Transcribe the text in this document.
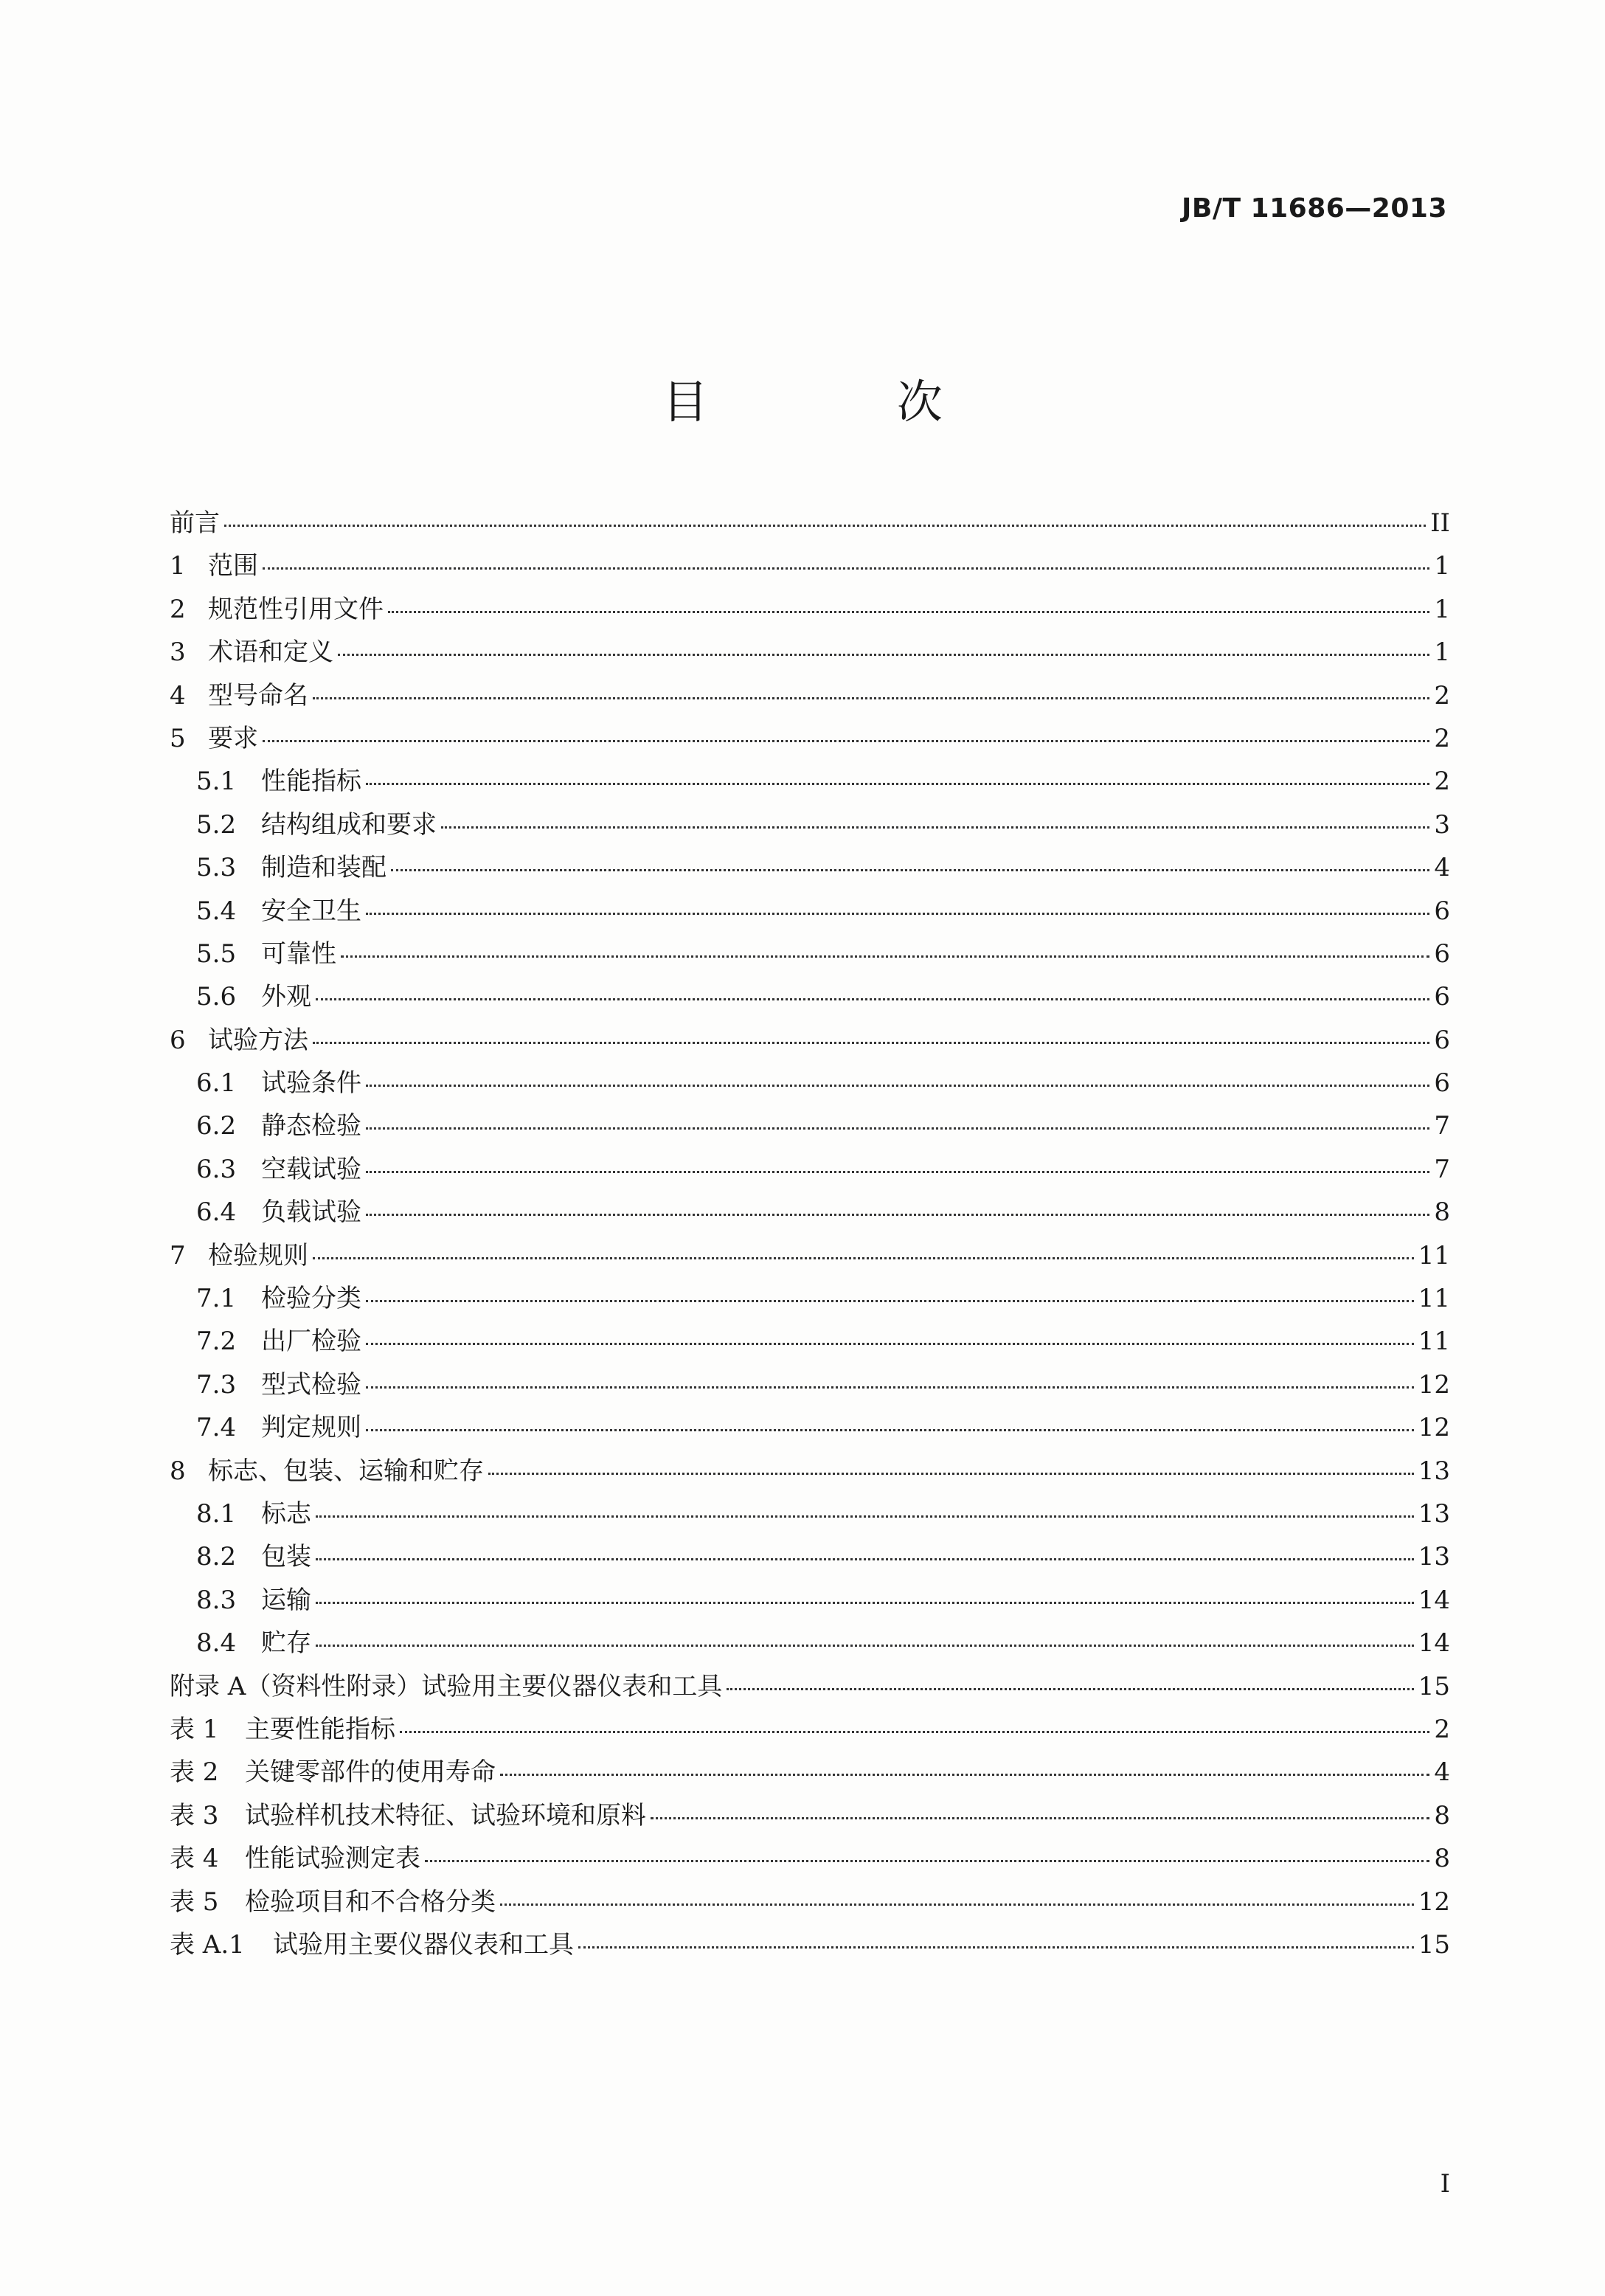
JB/T 11686—2013
目 次
前言	II
1 范围	1
2 规范性引用文件	1
3 术语和定义	1
4 型号命名	2
5 要求	2
5.1 性能指标	2
5.2 结构组成和要求	3
5.3 制造和装配	4
5.4 安全卫生	6
5.5 可靠性	6
5.6 外观	6
6 试验方法	6
6.1 试验条件	6
6.2 静态检验	7
6.3 空载试验	7
6.4 负载试验	8
7 检验规则	11
7.1 检验分类	11
7.2 出厂检验	11
7.3 型式检验	12
7.4 判定规则	12
8 标志、包装、运输和贮存	13
8.1 标志	13
8.2 包装	13
8.3 运输	14
8.4 贮存	14
附录 A（资料性附录）试验用主要仪器仪表和工具	15
表 1	主要性能指标	2
表 2	关键零部件的使用寿命	4
表 3	试验样机技术特征、试验环境和原料	8
表 4	性能试验测定表	8
表 5	检验项目和不合格分类	12
表 A.1	试验用主要仪器仪表和工具	15
I
